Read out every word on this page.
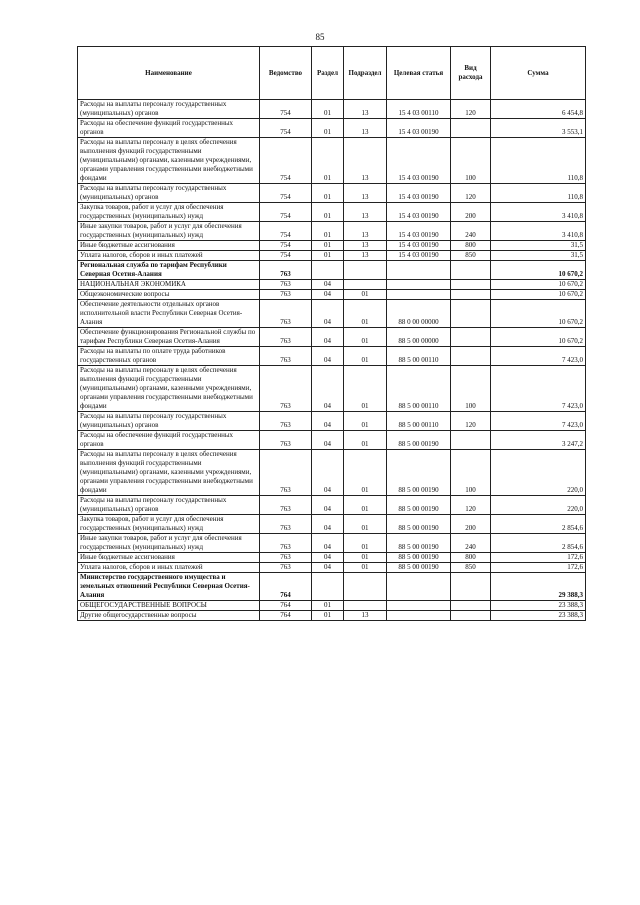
85
Наименование	Ведомство	Раздел	Подраздел	Целевая статья	Вид расхода	Сумма
Расходы на выплаты персоналу государственных (муниципальных) органов	754	01	13	15 4 03 00110	120	6 454,8
Расходы на обеспечение функций государственных органов	754	01	13	15 4 03 00190		3 553,1
Расходы на выплаты персоналу в целях обеспечения выполнения функций государственными (муниципальными) органами, казенными учреждениями, органами управления государственными внебюджетными фондами	754	01	13	15 4 03 00190	100	110,8
Расходы на выплаты персоналу государственных (муниципальных) органов	754	01	13	15 4 03 00190	120	110,8
Закупка товаров, работ и услуг для обеспечения государственных (муниципальных) нужд	754	01	13	15 4 03 00190	200	3 410,8
Иные закупки товаров, работ и услуг для обеспечения государственных (муниципальных) нужд	754	01	13	15 4 03 00190	240	3 410,8
Иные бюджетные ассигнования	754	01	13	15 4 03 00190	800	31,5
Уплата налогов, сборов и иных платежей	754	01	13	15 4 03 00190	850	31,5
Региональная служба по тарифам Республики Северная Осетия-Алания	763					10 670,2
НАЦИОНАЛЬНАЯ ЭКОНОМИКА	763	04				10 670,2
Общеэкономические вопросы	763	04	01			10 670,2
Обеспечение деятельности отдельных органов исполнительной власти Республики Северная Осетия-Алания	763	04	01	88 0 00 00000		10 670,2
Обеспечение функционирования Региональной службы по тарифам Республики Северная Осетия-Алания	763	04	01	88 5 00 00000		10 670,2
Расходы на выплаты по оплате труда работников государственных органов	763	04	01	88 5 00 00110		7 423,0
Расходы на выплаты персоналу в целях обеспечения выполнения функций государственными (муниципальными) органами, казенными учреждениями, органами управления государственными внебюджетными фондами	763	04	01	88 5 00 00110	100	7 423,0
Расходы на выплаты персоналу государственных (муниципальных) органов	763	04	01	88 5 00 00110	120	7 423,0
Расходы на обеспечение функций государственных органов	763	04	01	88 5 00 00190		3 247,2
Расходы на выплаты персоналу в целях обеспечения выполнения функций государственными (муниципальными) органами, казенными учреждениями, органами управления государственными внебюджетными фондами	763	04	01	88 5 00 00190	100	220,0
Расходы на выплаты персоналу государственных (муниципальных) органов	763	04	01	88 5 00 00190	120	220,0
Закупка товаров, работ и услуг для обеспечения государственных (муниципальных) нужд	763	04	01	88 5 00 00190	200	2 854,6
Иные закупки товаров, работ и услуг для обеспечения государственных (муниципальных) нужд	763	04	01	88 5 00 00190	240	2 854,6
Иные бюджетные ассигнования	763	04	01	88 5 00 00190	800	172,6
Уплата налогов, сборов и иных платежей	763	04	01	88 5 00 00190	850	172,6
Министерство государственного имущества и земельных отношений Республики Северная Осетия-Алания	764					29 388,3
ОБЩЕГОСУДАРСТВЕННЫЕ ВОПРОСЫ	764	01				23 388,3
Другие общегосударственные вопросы	764	01	13			23 388,3
